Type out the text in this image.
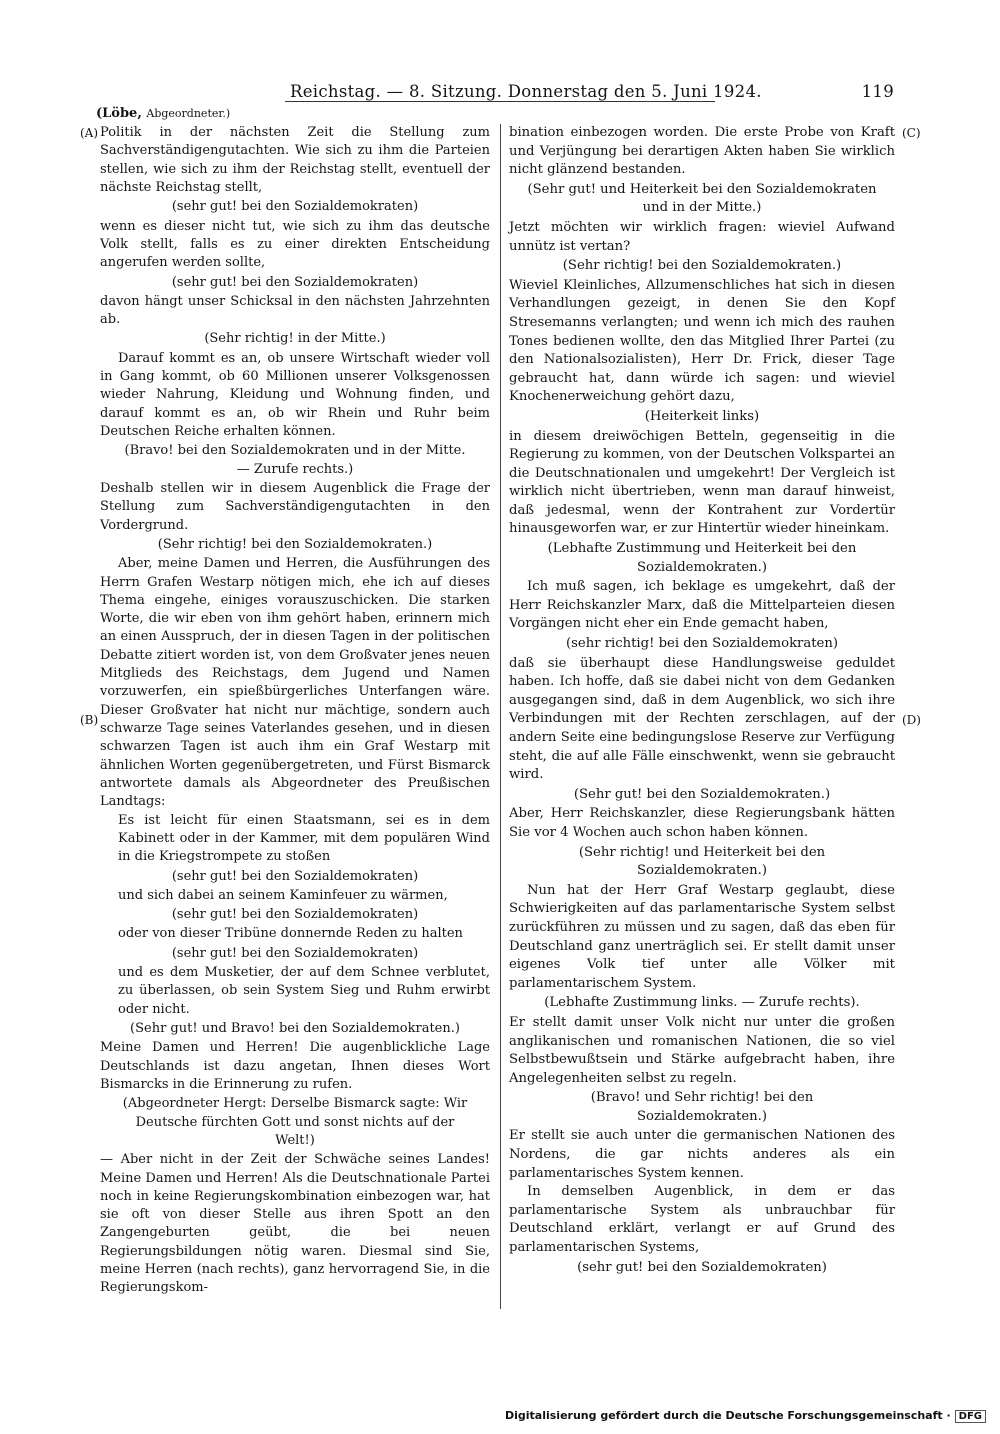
Reichstag. — 8. Sitzung. Donnerstag den 5. Juni 1924.	119
(Löbe, Abgeordneter.)
(A)
(B)
(C)
(D)

Politik in der nächsten Zeit die Stellung zum Sachverständigengutachten. Wie sich zu ihm die Parteien stellen, wie sich zu ihm der Reichstag stellt, eventuell der nächste Reichstag stellt,

(sehr gut! bei den Sozialdemokraten)

wenn es dieser nicht tut, wie sich zu ihm das deutsche Volk stellt, falls es zu einer direkten Entscheidung angerufen werden sollte,

(sehr gut! bei den Sozialdemokraten)

davon hängt unser Schicksal in den nächsten Jahrzehnten ab.

(Sehr richtig! in der Mitte.)

Darauf kommt es an, ob unsere Wirtschaft wieder voll in Gang kommt, ob 60 Millionen unserer Volksgenossen wieder Nahrung, Kleidung und Wohnung finden, und darauf kommt es an, ob wir Rhein und Ruhr beim Deutschen Reiche erhalten können.

(Bravo! bei den Sozialdemokraten und in der Mitte. — Zurufe rechts.)

Deshalb stellen wir in diesem Augenblick die Frage der Stellung zum Sachverständigengutachten in den Vordergrund.

(Sehr richtig! bei den Sozialdemokraten.)

Aber, meine Damen und Herren, die Ausführungen des Herrn Grafen Westarp nötigen mich, ehe ich auf dieses Thema eingehe, einiges vorauszuschicken. Die starken Worte, die wir eben von ihm gehört haben, erinnern mich an einen Ausspruch, der in diesen Tagen in der politischen Debatte zitiert worden ist, von dem Großvater jenes neuen Mitglieds des Reichstags, dem Jugend und Namen vorzuwerfen, ein spießbürgerliches Unterfangen wäre. Dieser Großvater hat nicht nur mächtige, sondern auch schwarze Tage seines Vaterlandes gesehen, und in diesen schwarzen Tagen ist auch ihm ein Graf Westarp mit ähnlichen Worten gegenübergetreten, und Fürst Bismarck antwortete damals als Abgeordneter des Preußischen Landtags:

Es ist leicht für einen Staatsmann, sei es in dem Kabinett oder in der Kammer, mit dem populären Wind in die Kriegstrompete zu stoßen

(sehr gut! bei den Sozialdemokraten)

und sich dabei an seinem Kaminfeuer zu wärmen,

(sehr gut! bei den Sozialdemokraten)

oder von dieser Tribüne donnernde Reden zu halten

(sehr gut! bei den Sozialdemokraten)

und es dem Musketier, der auf dem Schnee verblutet, zu überlassen, ob sein System Sieg und Ruhm erwirbt oder nicht.

(Sehr gut! und Bravo! bei den Sozialdemokraten.)

Meine Damen und Herren! Die augenblickliche Lage Deutschlands ist dazu angetan, Ihnen dieses Wort Bismarcks in die Erinnerung zu rufen.

(Abgeordneter Hergt: Derselbe Bismarck sagte: Wir Deutsche fürchten Gott und sonst nichts auf der Welt!)

— Aber nicht in der Zeit der Schwäche seines Landes! Meine Damen und Herren! Als die Deutschnationale Partei noch in keine Regierungskombination einbezogen war, hat sie oft von dieser Stelle aus ihren Spott an den Zangengeburten geübt, die bei neuen Regierungsbildungen nötig waren. Diesmal sind Sie, meine Herren (nach rechts), ganz hervorragend Sie, in die Regierungskom-

bination einbezogen worden. Die erste Probe von Kraft und Verjüngung bei derartigen Akten haben Sie wirklich nicht glänzend bestanden.

(Sehr gut! und Heiterkeit bei den Sozialdemokraten und in der Mitte.)

Jetzt möchten wir wirklich fragen: wieviel Aufwand unnütz ist vertan?

(Sehr richtig! bei den Sozialdemokraten.)

Wieviel Kleinliches, Allzumenschliches hat sich in diesen Verhandlungen gezeigt, in denen Sie den Kopf Stresemanns verlangten; und wenn ich mich des rauhen Tones bedienen wollte, den das Mitglied Ihrer Partei (zu den Nationalsozialisten), Herr Dr. Frick, dieser Tage gebraucht hat, dann würde ich sagen: und wieviel Knochenerweichung gehört dazu,

(Heiterkeit links)

in diesem dreiwöchigen Betteln, gegenseitig in die Regierung zu kommen, von der Deutschen Volkspartei an die Deutschnationalen und umgekehrt! Der Vergleich ist wirklich nicht übertrieben, wenn man darauf hinweist, daß jedesmal, wenn der Kontrahent zur Vordertür hinausgeworfen war, er zur Hintertür wieder hineinkam.

(Lebhafte Zustimmung und Heiterkeit bei den Sozialdemokraten.)

Ich muß sagen, ich beklage es umgekehrt, daß der Herr Reichskanzler Marx, daß die Mittelparteien diesen Vorgängen nicht eher ein Ende gemacht haben,

(sehr richtig! bei den Sozialdemokraten)

daß sie überhaupt diese Handlungsweise geduldet haben. Ich hoffe, daß sie dabei nicht von dem Gedanken ausgegangen sind, daß in dem Augenblick, wo sich ihre Verbindungen mit der Rechten zerschlagen, auf der andern Seite eine bedingungslose Reserve zur Verfügung steht, die auf alle Fälle einschwenkt, wenn sie gebraucht wird.

(Sehr gut! bei den Sozialdemokraten.)

Aber, Herr Reichskanzler, diese Regierungsbank hätten Sie vor 4 Wochen auch schon haben können.

(Sehr richtig! und Heiterkeit bei den Sozialdemokraten.)

Nun hat der Herr Graf Westarp geglaubt, diese Schwierigkeiten auf das parlamentarische System selbst zurückführen zu müssen und zu sagen, daß das eben für Deutschland ganz unerträglich sei. Er stellt damit unser eigenes Volk tief unter alle Völker mit parlamentarischem System.

(Lebhafte Zustimmung links. — Zurufe rechts).

Er stellt damit unser Volk nicht nur unter die großen anglikanischen und romanischen Nationen, die so viel Selbstbewußtsein und Stärke aufgebracht haben, ihre Angelegenheiten selbst zu regeln.

(Bravo! und Sehr richtig! bei den Sozialdemokraten.)

Er stellt sie auch unter die germanischen Nationen des Nordens, die gar nichts anderes als ein parlamentarisches System kennen.

In demselben Augenblick, in dem er das parlamentarische System als unbrauchbar für Deutschland erklärt, verlangt er auf Grund des parlamentarischen Systems,

(sehr gut! bei den Sozialdemokraten)

Digitalisierung gefördert durch die Deutsche Forschungsgemeinschaft · DFG
